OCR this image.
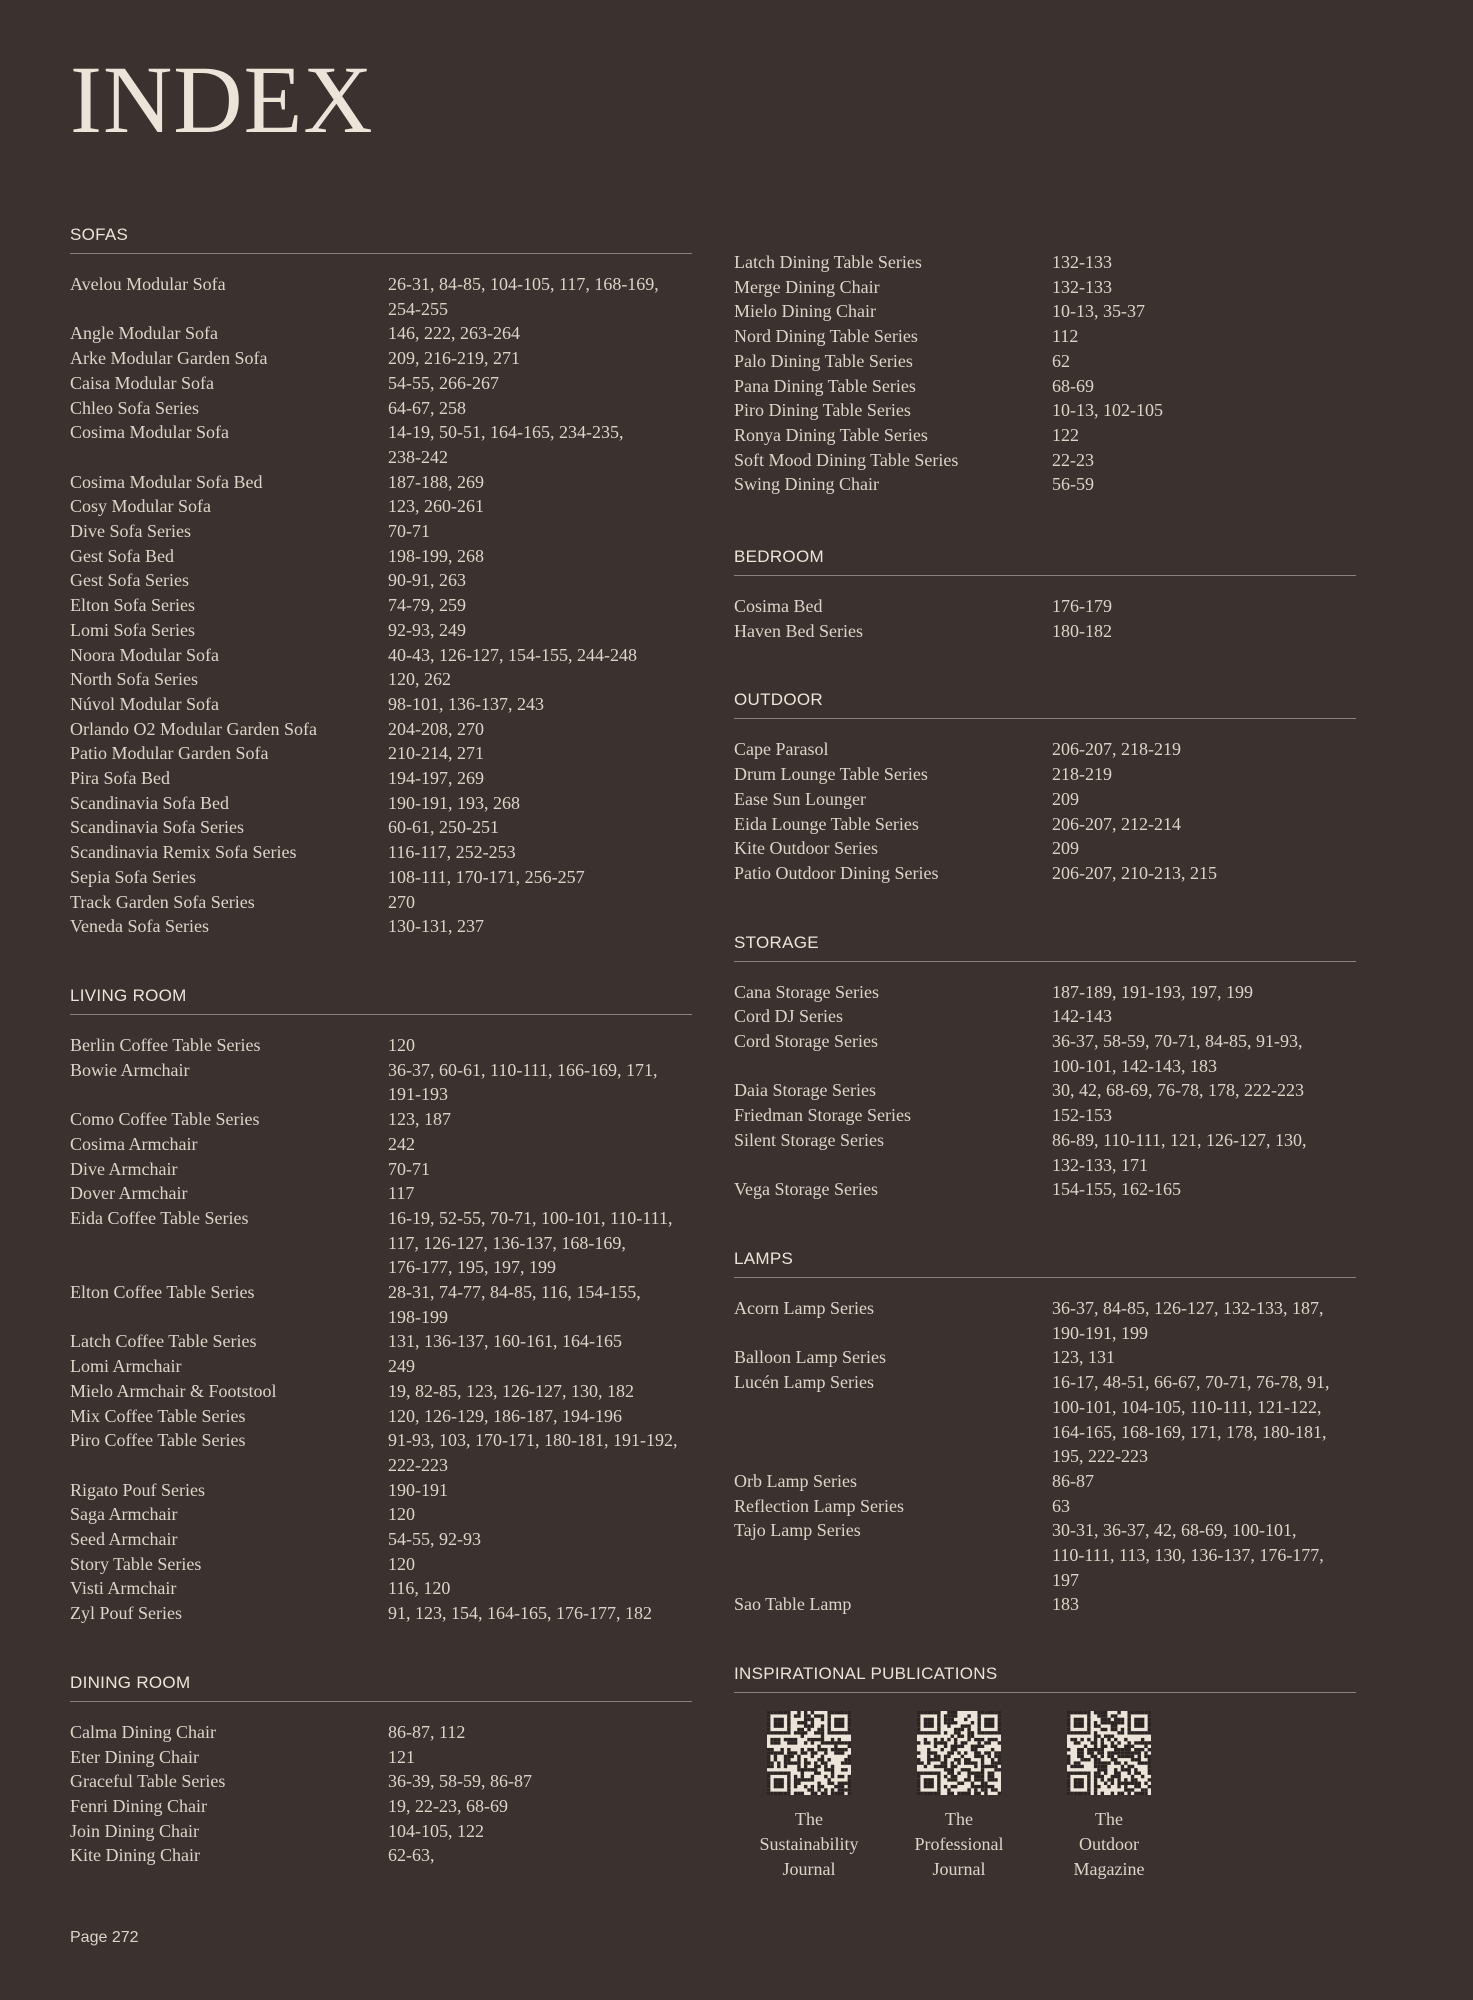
INDEX
SOFAS
Avelou Modular Sofa	26-31, 84-85, 104-105, 117, 168-169,
254-255
Angle Modular Sofa	146, 222, 263-264
Arke Modular Garden Sofa	209, 216-219, 271
Caisa Modular Sofa	54-55, 266-267
Chleo Sofa Series	64-67, 258
Cosima Modular Sofa	14-19, 50-51, 164-165, 234-235,
238-242
Cosima Modular Sofa Bed	187-188, 269
Cosy Modular Sofa	123, 260-261
Dive Sofa Series	70-71
Gest Sofa Bed	198-199, 268
Gest Sofa Series	90-91, 263
Elton Sofa Series	74-79, 259
Lomi Sofa Series	92-93, 249
Noora Modular Sofa	40-43, 126-127, 154-155, 244-248
North Sofa Series	120, 262
Núvol Modular Sofa	98-101, 136-137, 243
Orlando O2 Modular Garden Sofa	204-208, 270
Patio Modular Garden Sofa	210-214, 271
Pira Sofa Bed	194-197, 269
Scandinavia Sofa Bed	190-191, 193, 268
Scandinavia Sofa Series	60-61, 250-251
Scandinavia Remix Sofa Series	116-117, 252-253
Sepia Sofa Series	108-111, 170-171, 256-257
Track Garden Sofa Series	270
Veneda Sofa Series	130-131, 237
LIVING ROOM
Berlin Coffee Table Series	120
Bowie Armchair	36-37, 60-61, 110-111, 166-169, 171,
191-193
Como Coffee Table Series	123, 187
Cosima Armchair	242
Dive Armchair	70-71
Dover Armchair	117
Eida Coffee Table Series	16-19, 52-55, 70-71, 100-101, 110-111,
117, 126-127, 136-137, 168-169,
176-177, 195, 197, 199
Elton Coffee Table Series	28-31, 74-77, 84-85, 116, 154-155,
198-199
Latch Coffee Table Series	131, 136-137, 160-161, 164-165
Lomi Armchair	249
Mielo Armchair & Footstool	19, 82-85, 123, 126-127, 130, 182
Mix Coffee Table Series	120, 126-129, 186-187, 194-196
Piro Coffee Table Series	91-93, 103, 170-171, 180-181, 191-192,
222-223
Rigato Pouf Series	190-191
Saga Armchair	120
Seed Armchair	54-55, 92-93
Story Table Series	120
Visti Armchair	116, 120
Zyl Pouf Series	91, 123, 154, 164-165, 176-177, 182
DINING ROOM
Calma Dining Chair	86-87, 112
Eter Dining Chair	121
Graceful Table Series	36-39, 58-59, 86-87
Fenri Dining Chair	19, 22-23, 68-69
Join Dining Chair	104-105, 122
Kite Dining Chair	62-63,
Latch Dining Table Series	132-133
Merge Dining Chair	132-133
Mielo Dining Chair	10-13, 35-37
Nord Dining Table Series	112
Palo Dining Table Series	62
Pana Dining Table Series	68-69
Piro Dining Table Series	10-13, 102-105
Ronya Dining Table Series	122
Soft Mood Dining Table Series	22-23
Swing Dining Chair	56-59
BEDROOM
Cosima Bed	176-179
Haven Bed Series	180-182
OUTDOOR
Cape Parasol	206-207, 218-219
Drum Lounge Table Series	218-219
Ease Sun Lounger	209
Eida Lounge Table Series	206-207, 212-214
Kite Outdoor Series	209
Patio Outdoor Dining Series	206-207, 210-213, 215
STORAGE
Cana Storage Series	187-189, 191-193, 197, 199
Cord DJ Series	142-143
Cord Storage Series	36-37, 58-59, 70-71, 84-85, 91-93,
100-101, 142-143, 183
Daia Storage Series	30, 42, 68-69, 76-78, 178, 222-223
Friedman Storage Series	152-153
Silent Storage Series	86-89, 110-111, 121, 126-127, 130,
132-133, 171
Vega Storage Series	154-155, 162-165
LAMPS
Acorn Lamp Series	36-37, 84-85, 126-127, 132-133, 187,
190-191, 199
Balloon Lamp Series	123, 131
Lucén Lamp Series	16-17, 48-51, 66-67, 70-71, 76-78, 91,
100-101, 104-105, 110-111, 121-122,
164-165, 168-169, 171, 178, 180-181,
195, 222-223
Orb Lamp Series	86-87
Reflection Lamp Series	63
Tajo Lamp Series	30-31, 36-37, 42, 68-69, 100-101,
110-111, 113, 130, 136-137, 176-177,
197
Sao Table Lamp	183
INSPIRATIONAL PUBLICATIONS
The
Sustainability
Journal
The
Professional
Journal
The
Outdoor
Magazine
Page 272
